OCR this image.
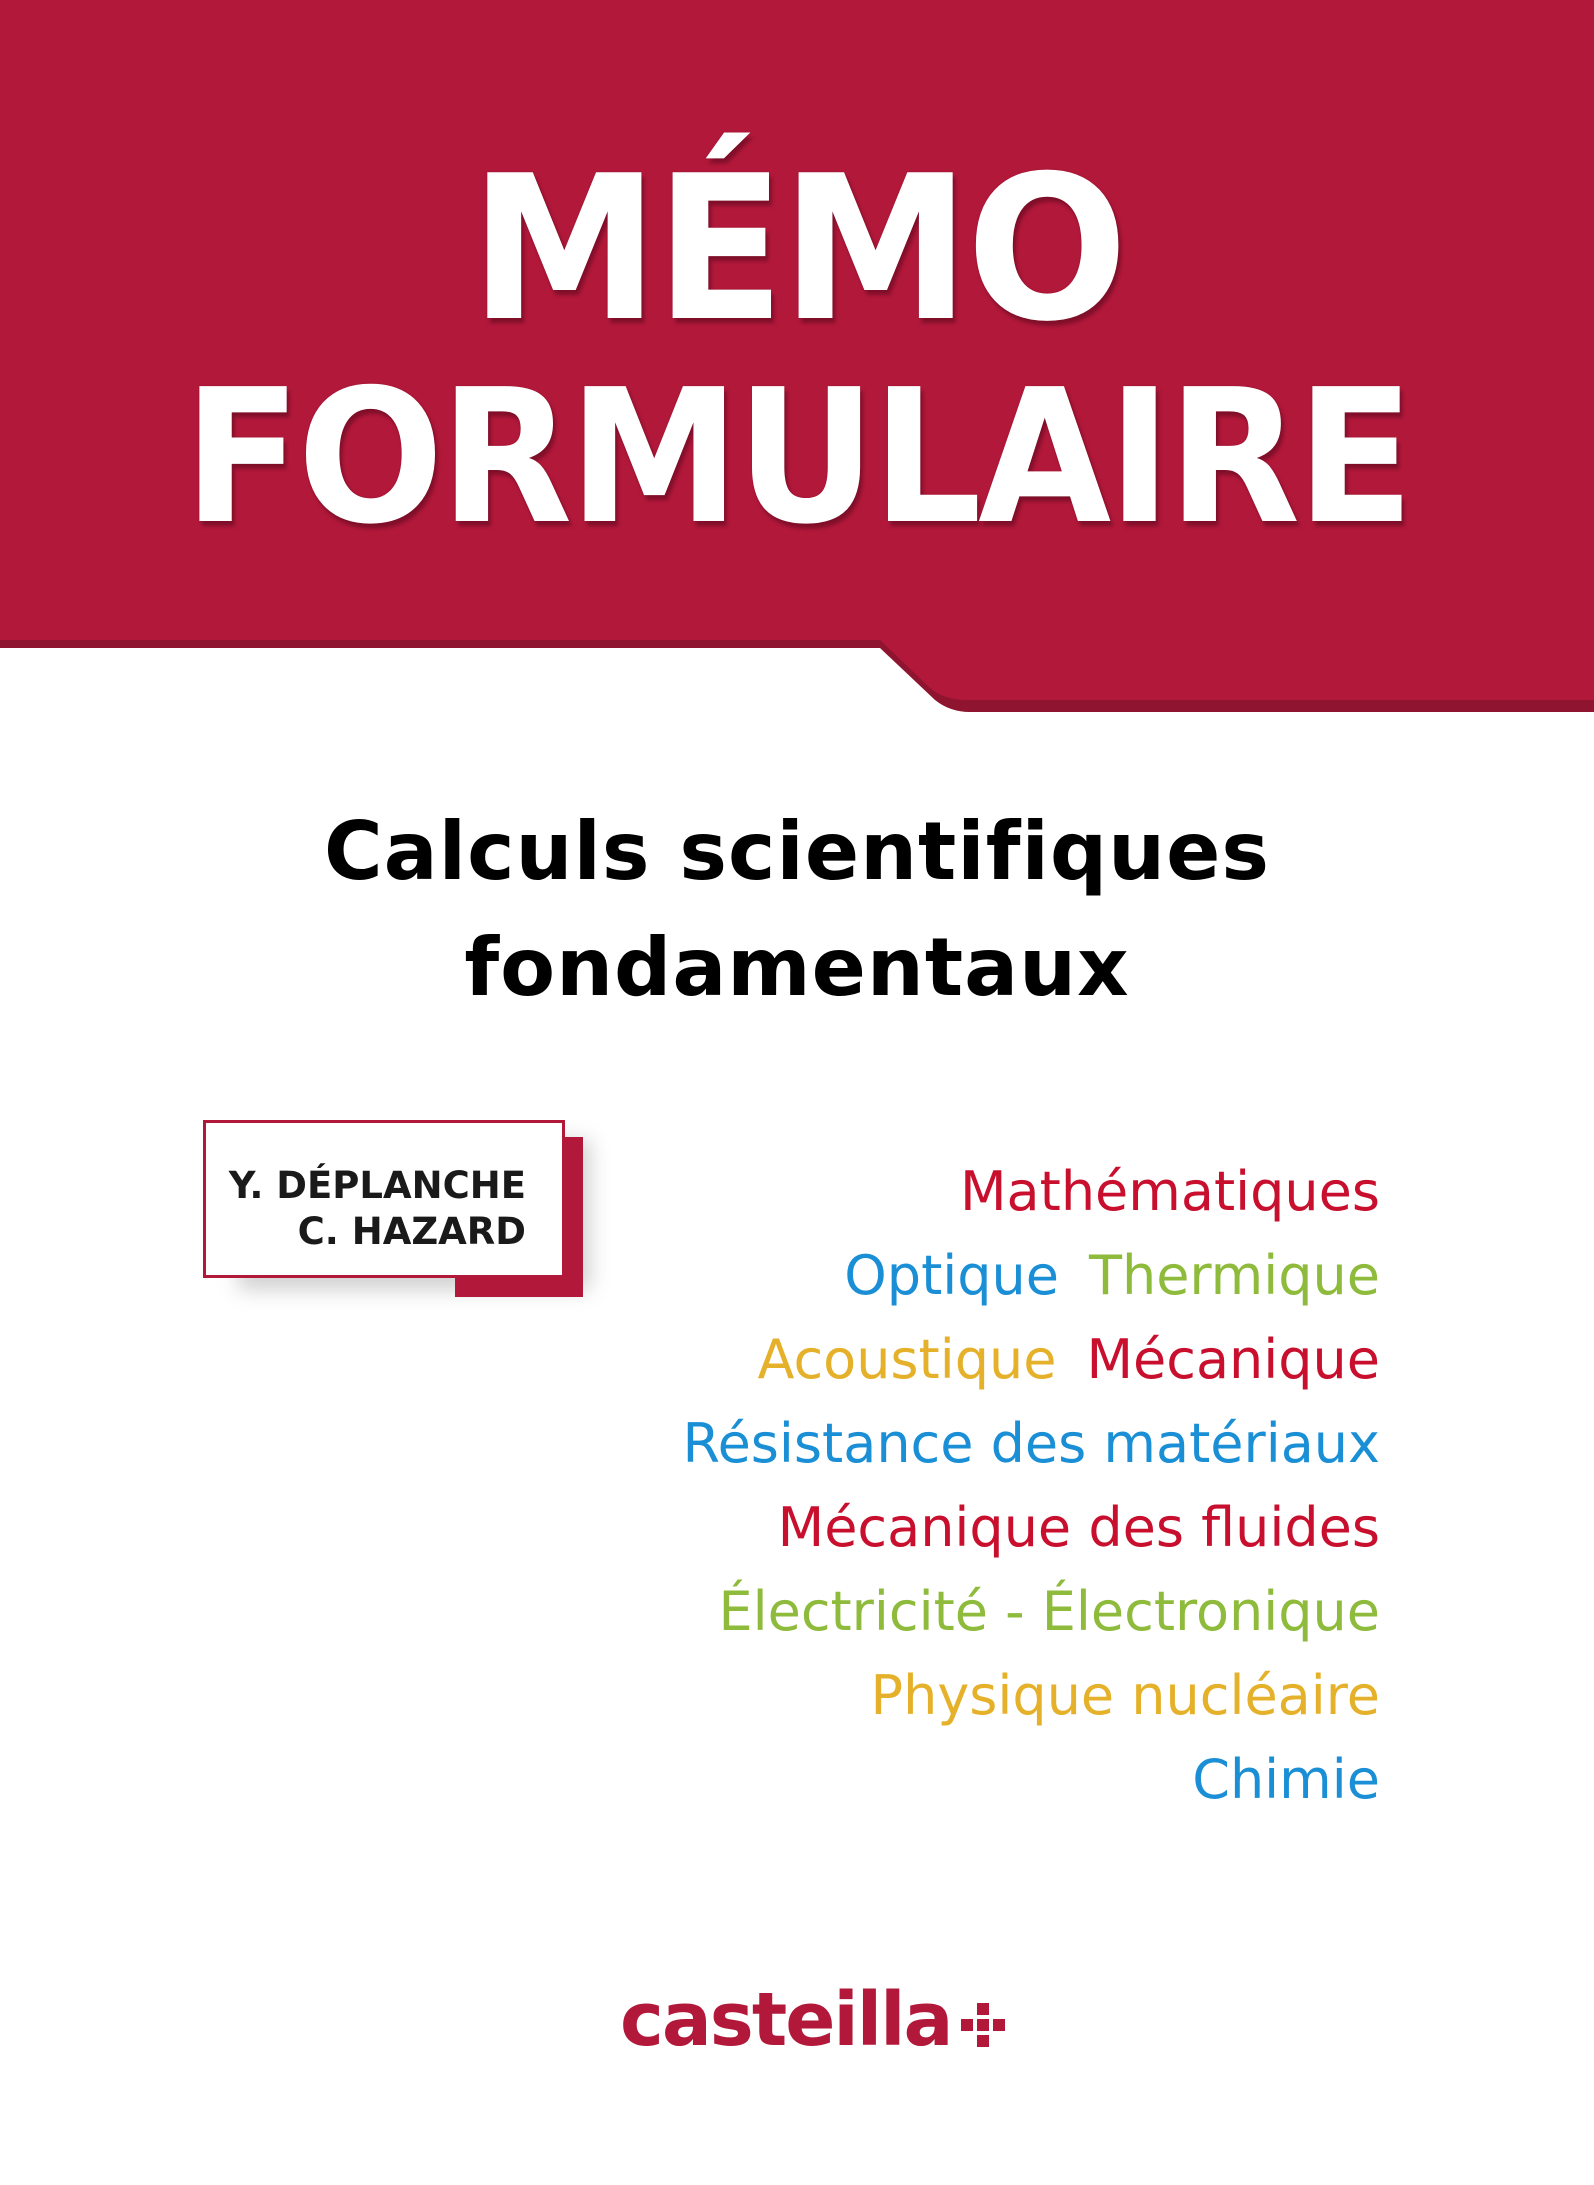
MÉMO
FORMULAIRE
Calculs scientifiques
fondamentaux
Y. DÉPLANCHE
C. HAZARD
Mathématiques
Optique Thermique
Acoustique Mécanique
Résistance des matériaux
Mécanique des fluides
Électricité - Électronique
Physique nucléaire
Chimie
casteilla
